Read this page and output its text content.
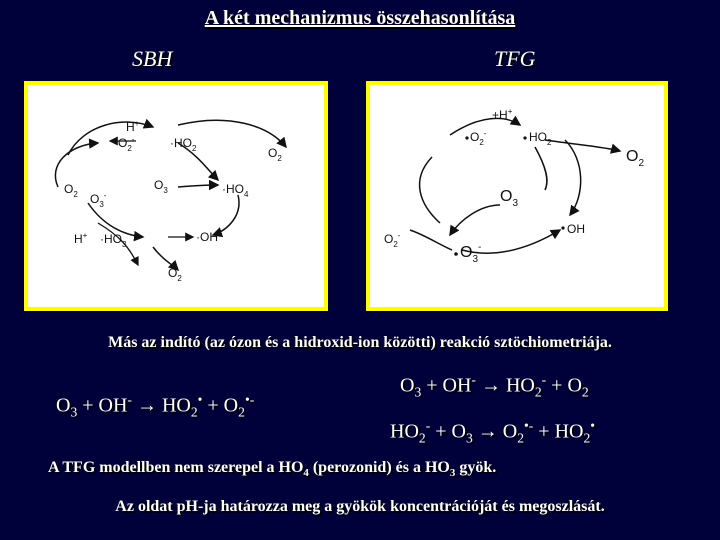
A két mechanizmus összehasonlítása
SBH	TFG
H+
$O_2^-$	$\cdot HO_2$	$O_2$
$O_2$ $O_3^-$
$O_3$	$\cdot HO_4$
$H^+ \cdot HO_3$
·OH
$O_2$
+H+
$O_2^-$	$HO_2$
$O_2$
$O_3$
OH
$O_2^-$
$O_3^-$
Más az indító (az ózon és a hidroxid-ion közötti) reakció sztöchiometriája.
$O_3 + OH^- \to HO_2^• + O_2^{•-}$
$O_3 + OH^- \to HO_2^- + O_2$
$HO_2^- + O_3 \to O_2^{•-} + HO_2^•$
A TFG modellben nem szerepel a $HO_4$ (perozonid) és a $HO_3$ gyök.
Az oldat pH-ja határozza meg a gyökök koncentrációját és megoszlását.
